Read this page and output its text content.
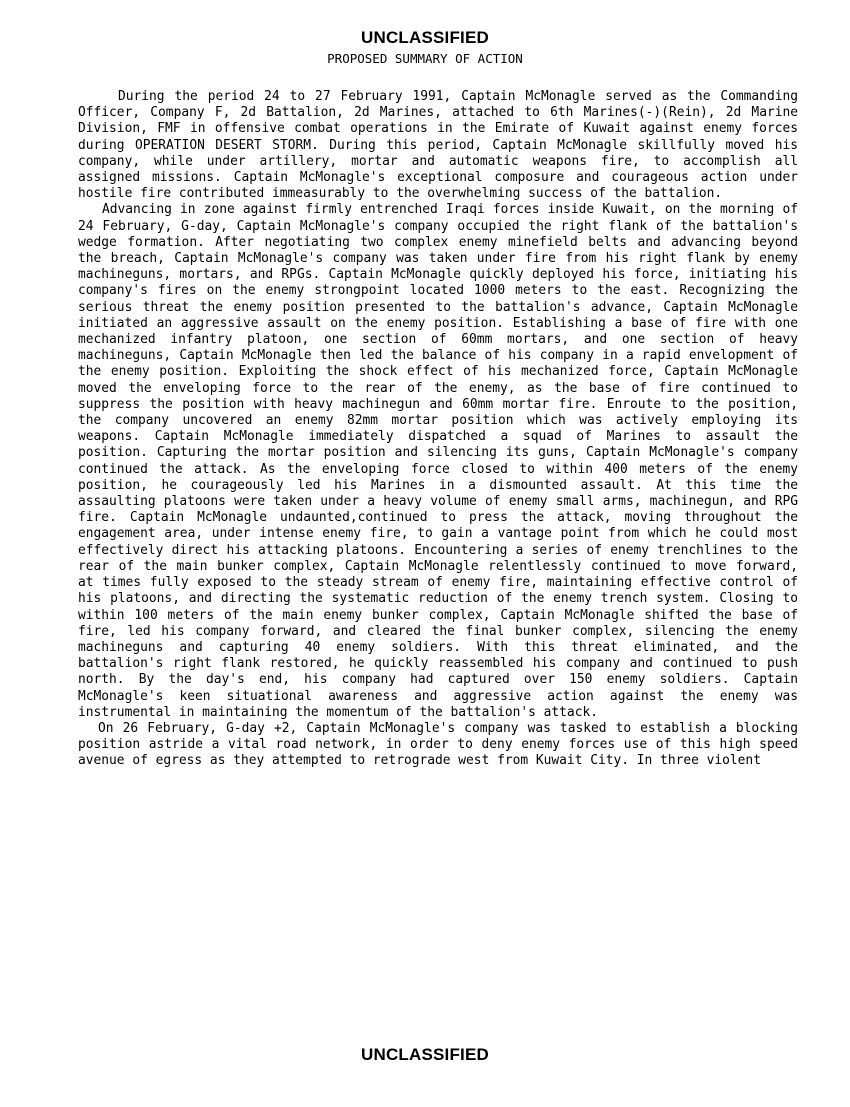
UNCLASSIFIED
PROPOSED SUMMARY OF ACTION

During the period 24 to 27 February 1991, Captain McMonagle served as the Commanding Officer, Company F, 2d Battalion, 2d Marines, attached to 6th Marines(-)(Rein), 2d Marine Division, FMF in offensive combat operations in the Emirate of Kuwait against enemy forces during OPERATION DESERT STORM. During this period, Captain McMonagle skillfully moved his company, while under artillery, mortar and automatic weapons fire, to accomplish all assigned missions. Captain McMonagle's exceptional composure and courageous action under hostile fire contributed immeasurably to the overwhelming success of the battalion.

Advancing in zone against firmly entrenched Iraqi forces inside Kuwait, on the morning of 24 February, G-day, Captain McMonagle's company occupied the right flank of the battalion's wedge formation. After negotiating two complex enemy minefield belts and advancing beyond the breach, Captain McMonagle's company was taken under fire from his right flank by enemy machineguns, mortars, and RPGs. Captain McMonagle quickly deployed his force, initiating his company's fires on the enemy strongpoint located 1000 meters to the east. Recognizing the serious threat the enemy position presented to the battalion's advance, Captain McMonagle initiated an aggressive assault on the enemy position. Establishing a base of fire with one mechanized infantry platoon, one section of 60mm mortars, and one section of heavy machineguns, Captain McMonagle then led the balance of his company in a rapid envelopment of the enemy position. Exploiting the shock effect of his mechanized force, Captain McMonagle moved the enveloping force to the rear of the enemy, as the base of fire continued to suppress the position with heavy machinegun and 60mm mortar fire. Enroute to the position, the company uncovered an enemy 82mm mortar position which was actively employing its weapons. Captain McMonagle immediately dispatched a squad of Marines to assault the position. Capturing the mortar position and silencing its guns, Captain McMonagle's company continued the attack. As the enveloping force closed to within 400 meters of the enemy position, he courageously led his Marines in a dismounted assault. At this time the assaulting platoons were taken under a heavy volume of enemy small arms, machinegun, and RPG fire. Captain McMonagle undaunted,continued to press the attack, moving throughout the engagement area, under intense enemy fire, to gain a vantage point from which he could most effectively direct his attacking platoons. Encountering a series of enemy trenchlines to the rear of the main bunker complex, Captain McMonagle relentlessly continued to move forward, at times fully exposed to the steady stream of enemy fire, maintaining effective control of his platoons, and directing the systematic reduction of the enemy trench system. Closing to within 100 meters of the main enemy bunker complex, Captain McMonagle shifted the base of fire, led his company forward, and cleared the final bunker complex, silencing the enemy machineguns and capturing 40 enemy soldiers. With this threat eliminated, and the battalion's right flank restored, he quickly reassembled his company and continued to push north. By the day's end, his company had captured over 150 enemy soldiers. Captain McMonagle's keen situational awareness and aggressive action against the enemy was instrumental in maintaining the momentum of the battalion's attack.

On 26 February, G-day +2, Captain McMonagle's company was tasked to establish a blocking position astride a vital road network, in order to deny enemy forces use of this high speed avenue of egress as they attempted to retrograde west from Kuwait City. In three violent

UNCLASSIFIED
